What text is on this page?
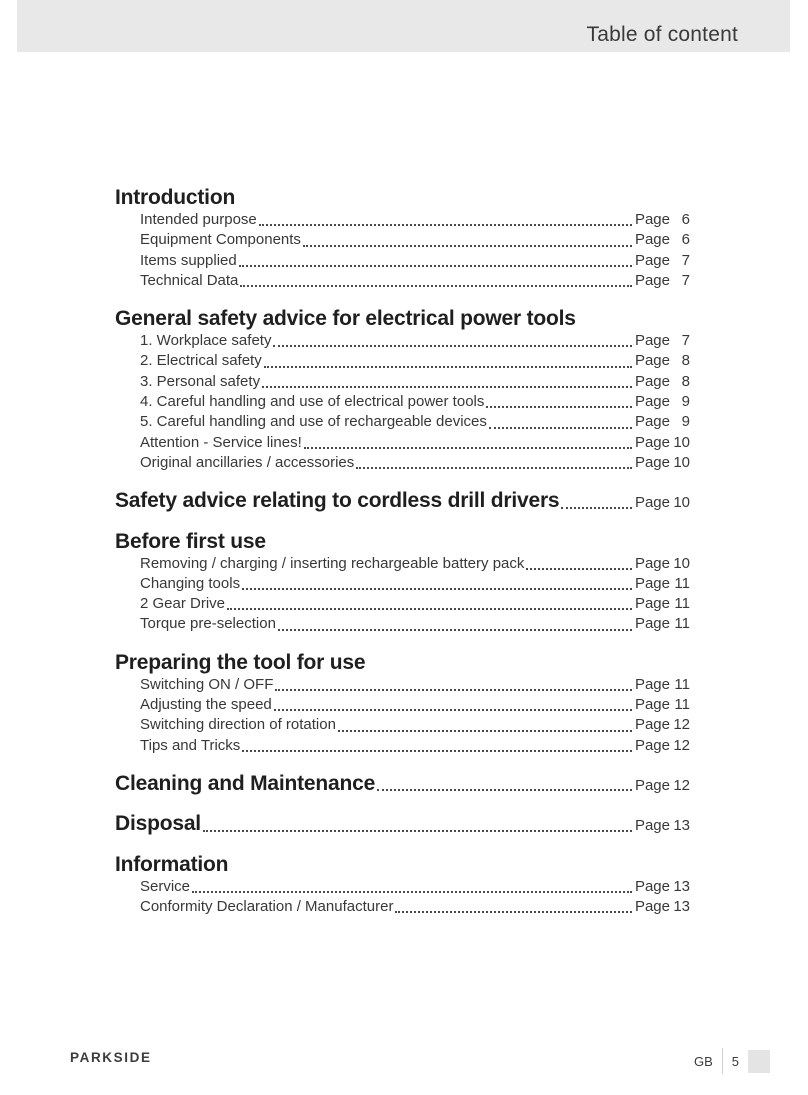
Table of content
Introduction
Intended purpose	Page 6
Equipment Components	Page 6
Items supplied	Page 7
Technical Data	Page 7
General safety advice for electrical power tools
1. Workplace safety	Page 7
2. Electrical safety	Page 8
3. Personal safety	Page 8
4. Careful handling and use of electrical power tools	Page 9
5. Careful handling and use of rechargeable devices	Page 9
Attention - Service lines!	Page 10
Original ancillaries / accessories	Page 10
Safety advice relating to cordless drill drivers	Page 10
Before first use
Removing / charging / inserting rechargeable battery pack	Page 10
Changing tools	Page 11
2 Gear Drive	Page 11
Torque pre-selection	Page 11
Preparing the tool for use
Switching ON / OFF	Page 11
Adjusting the speed	Page 11
Switching direction of rotation	Page 12
Tips and Tricks	Page 12
Cleaning and Maintenance	Page 12
Disposal	Page 13
Information
Service	Page 13
Conformity Declaration / Manufacturer	Page 13
PARKSIDE	GB 5
